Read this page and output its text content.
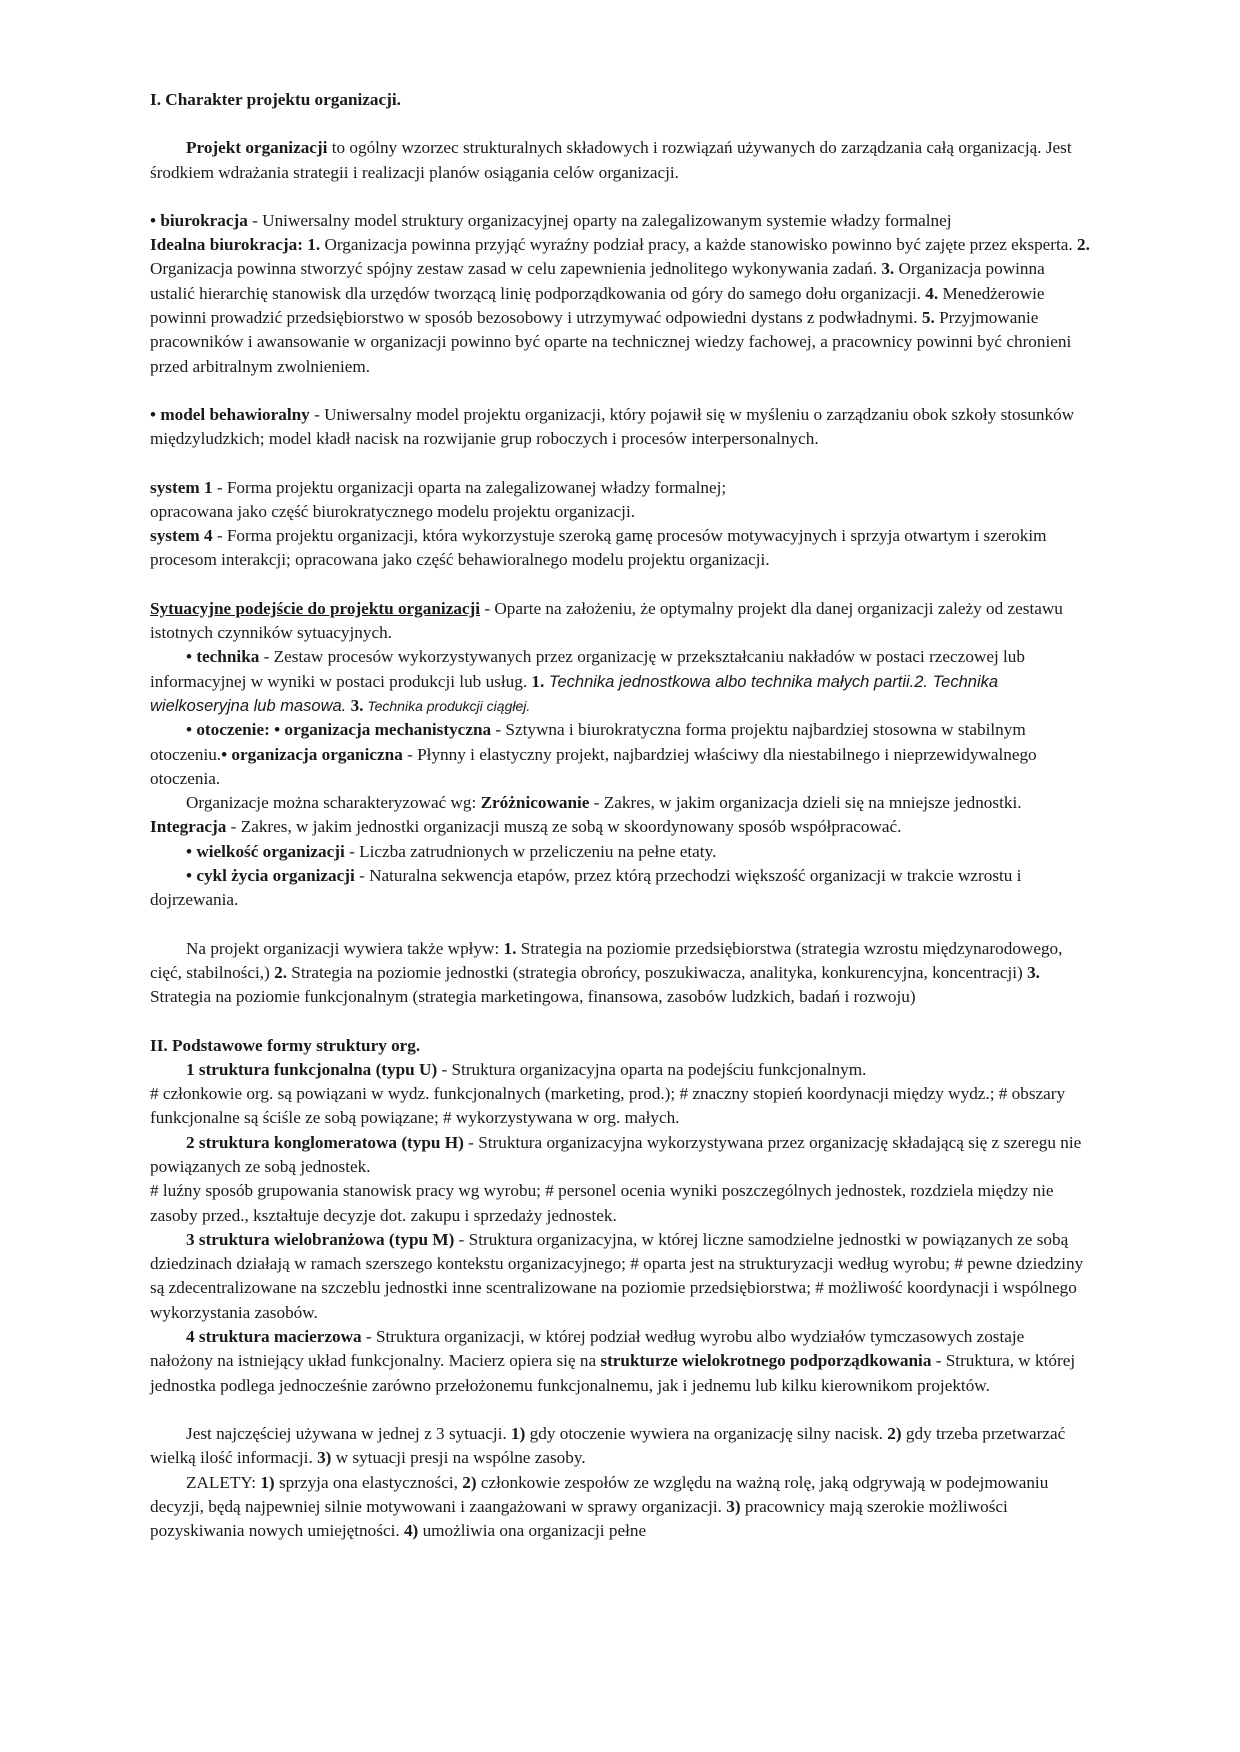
I. Charakter projektu organizacji.

Projekt organizacji to ogólny wzorzec strukturalnych składowych i rozwiązań używanych do zarządzania całą organizacją. Jest środkiem wdrażania strategii i realizacji planów osiągania celów organizacji.

• biurokracja - Uniwersalny model struktury organizacyjnej oparty na zalegalizowanym systemie władzy formalnej

Idealna biurokracja: 1. Organizacja powinna przyjąć wyraźny podział pracy, a każde stanowisko powinno być zajęte przez eksperta. 2. Organizacja powinna stworzyć spójny zestaw zasad w celu zapewnienia jednolitego wykonywania zadań. 3. Organizacja powinna ustalić hierarchię stanowisk dla urzędów tworzącą linię podporządkowania od góry do samego dołu organizacji. 4. Menedżerowie powinni prowadzić przedsiębiorstwo w sposób bezosobowy i utrzymywać odpowiedni dystans z podwładnymi. 5. Przyjmowanie pracowników i awansowanie w organizacji powinno być oparte na technicznej wiedzy fachowej, a pracownicy powinni być chronieni przed arbitralnym zwolnieniem.

• model behawioralny - Uniwersalny model projektu organizacji, który pojawił się w myśleniu o zarządzaniu obok szkoły stosunków międzyludzkich; model kładł nacisk na rozwijanie grup roboczych i procesów interpersonalnych.

system 1 - Forma projektu organizacji oparta na zalegalizowanej władzy formalnej;

opracowana jako część biurokratycznego modelu projektu organizacji.

system 4 - Forma projektu organizacji, która wykorzystuje szeroką gamę procesów motywacyjnych i sprzyja otwartym i szerokim procesom interakcji; opracowana jako część behawioralnego modelu projektu organizacji.

Sytuacyjne podejście do projektu organizacji - Oparte na założeniu, że optymalny projekt dla danej organizacji zależy od zestawu istotnych czynników sytuacyjnych.

• technika - Zestaw procesów wykorzystywanych przez organizację w przekształcaniu nakładów w postaci rzeczowej lub informacyjnej w wyniki w postaci produkcji lub usług. 1. Technika jednostkowa albo technika małych partii.2. Technika wielkoseryjna lub masowa. 3. Technika produkcji ciągłej.

• otoczenie: • organizacja mechanistyczna - Sztywna i biurokratyczna forma projektu najbardziej stosowna w stabilnym otoczeniu.• organizacja organiczna - Płynny i elastyczny projekt, najbardziej właściwy dla niestabilnego i nieprzewidywalnego otoczenia.

Organizacje można scharakteryzować wg: Zróżnicowanie - Zakres, w jakim organizacja dzieli się na mniejsze jednostki. Integracja - Zakres, w jakim jednostki organizacji muszą ze sobą w skoordynowany sposób współpracować.

• wielkość organizacji - Liczba zatrudnionych w przeliczeniu na pełne etaty.

• cykl życia organizacji - Naturalna sekwencja etapów, przez którą przechodzi większość organizacji w trakcie wzrostu i dojrzewania.

Na projekt organizacji wywiera także wpływ: 1. Strategia na poziomie przedsiębiorstwa (strategia wzrostu międzynarodowego, cięć, stabilności,) 2. Strategia na poziomie jednostki (strategia obrońcy, poszukiwacza, analityka, konkurencyjna, koncentracji) 3. Strategia na poziomie funkcjonalnym (strategia marketingowa, finansowa, zasobów ludzkich, badań i rozwoju)

II. Podstawowe formy struktury org.

1 struktura funkcjonalna (typu U) - Struktura organizacyjna oparta na podejściu funkcjonalnym.

# członkowie org. są powiązani w wydz. funkcjonalnych (marketing, prod.); # znaczny stopień koordynacji między wydz.; # obszary funkcjonalne są ściśle ze sobą powiązane; # wykorzystywana w org. małych.

2 struktura konglomeratowa (typu H) - Struktura organizacyjna wykorzystywana przez organizację składającą się z szeregu nie powiązanych ze sobą jednostek.

# luźny sposób grupowania stanowisk pracy wg wyrobu; # personel ocenia wyniki poszczególnych jednostek, rozdziela między nie zasoby przed., kształtuje decyzje dot. zakupu i sprzedaży jednostek.

3 struktura wielobranżowa (typu M) - Struktura organizacyjna, w której liczne samodzielne jednostki w powiązanych ze sobą dziedzinach działają w ramach szerszego kontekstu organizacyjnego; # oparta jest na strukturyzacji według wyrobu; # pewne dziedziny są zdecentralizowane na szczeblu jednostki inne scentralizowane na poziomie przedsiębiorstwa; # możliwość koordynacji i wspólnego wykorzystania zasobów.

4 struktura macierzowa - Struktura organizacji, w której podział według wyrobu albo wydziałów tymczasowych zostaje nałożony na istniejący układ funkcjonalny. Macierz opiera się na strukturze wielokrotnego podporządkowania - Struktura, w której jednostka podlega jednocześnie zarówno przełożonemu funkcjonalnemu, jak i jednemu lub kilku kierownikom projektów.

Jest najczęściej używana w jednej z 3 sytuacji. 1) gdy otoczenie wywiera na organizację silny nacisk. 2) gdy trzeba przetwarzać wielką ilość informacji. 3) w sytuacji presji na wspólne zasoby.

ZALETY: 1) sprzyja ona elastyczności, 2) członkowie zespołów ze względu na ważną rolę, jaką odgrywają w podejmowaniu decyzji, będą najpewniej silnie motywowani i zaangażowani w sprawy organizacji. 3) pracownicy mają szerokie możliwości pozyskiwania nowych umiejętności. 4) umożliwia ona organizacji pełne
